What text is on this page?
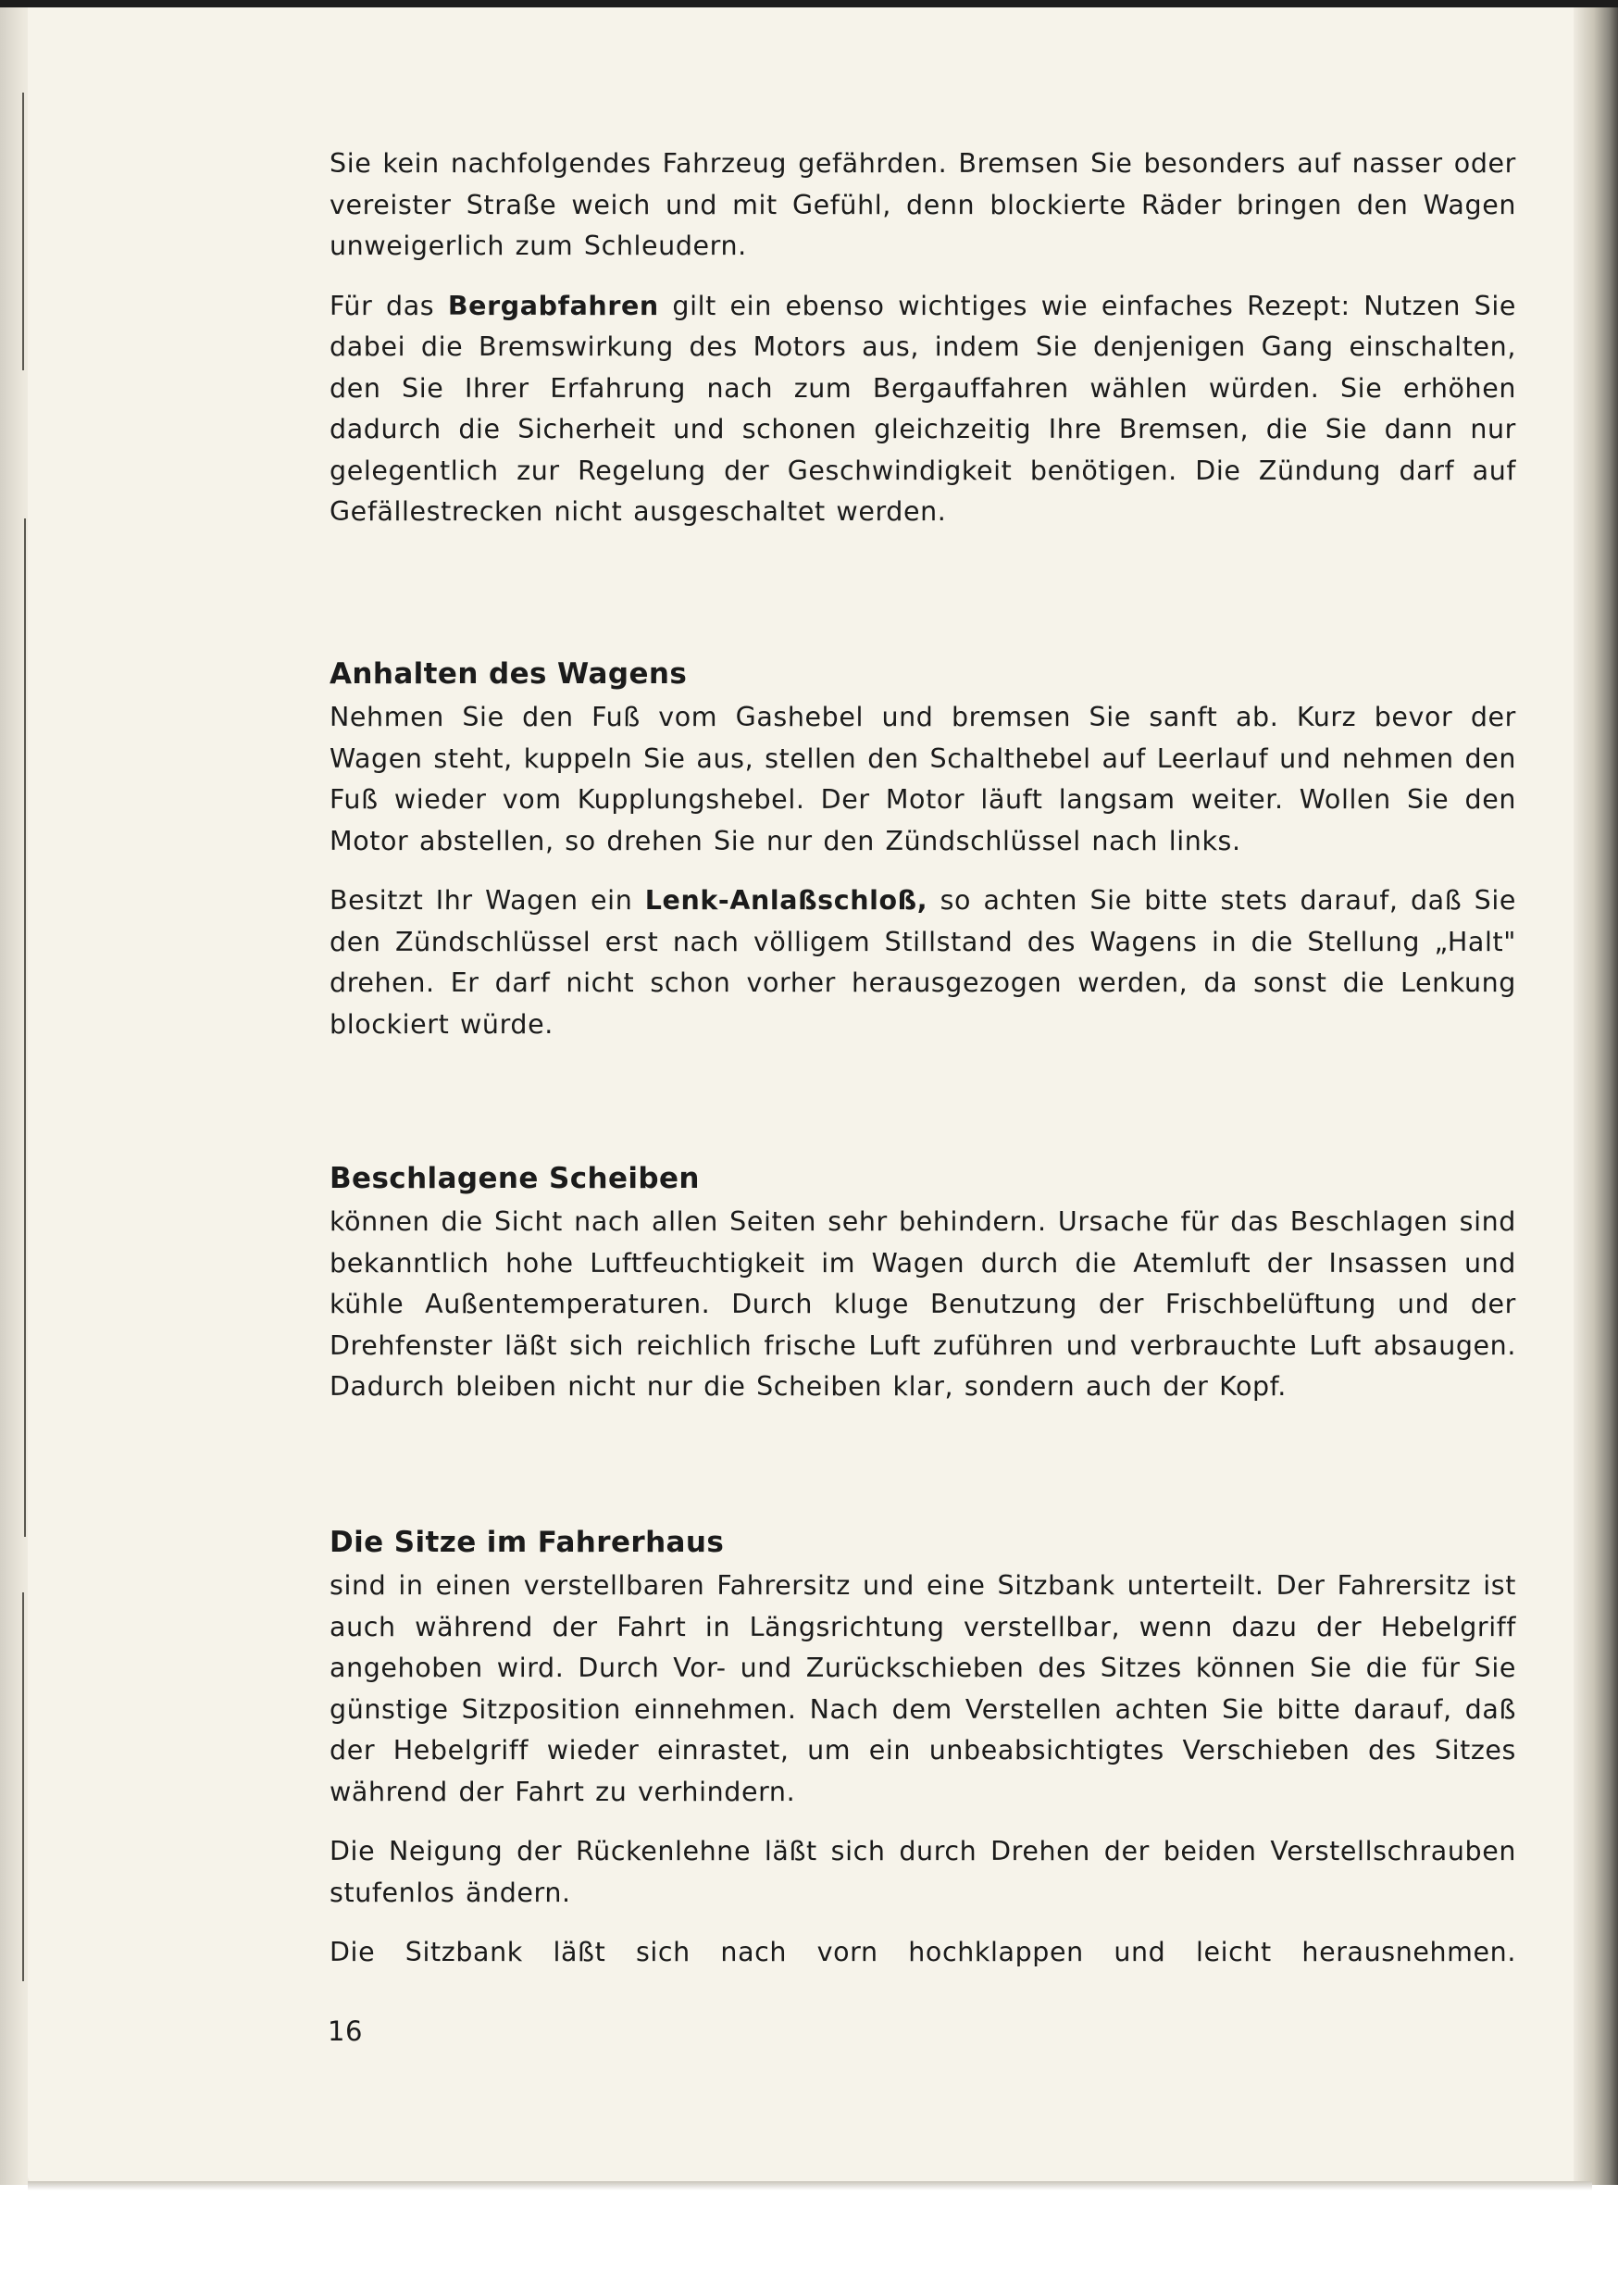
Sie kein nachfolgendes Fahrzeug gefährden. Bremsen Sie besonders auf nasser oder vereister Straße weich und mit Gefühl, denn blockierte Räder bringen den Wagen unweigerlich zum Schleudern.

Für das Bergabfahren gilt ein ebenso wichtiges wie einfaches Rezept: Nutzen Sie dabei die Bremswirkung des Motors aus, indem Sie denjenigen Gang einschalten, den Sie Ihrer Erfahrung nach zum Bergauffahren wählen würden. Sie erhöhen dadurch die Sicherheit und schonen gleichzeitig Ihre Bremsen, die Sie dann nur gelegentlich zur Regelung der Geschwindigkeit benötigen. Die Zündung darf auf Gefällestrecken nicht ausgeschaltet werden.

Anhalten des Wagens

Nehmen Sie den Fuß vom Gashebel und bremsen Sie sanft ab. Kurz bevor der Wagen steht, kuppeln Sie aus, stellen den Schalthebel auf Leerlauf und nehmen den Fuß wieder vom Kupplungshebel. Der Motor läuft langsam weiter. Wollen Sie den Motor abstellen, so drehen Sie nur den Zündschlüssel nach links.

Besitzt Ihr Wagen ein Lenk-Anlaßschloß, so achten Sie bitte stets darauf, daß Sie den Zündschlüssel erst nach völligem Stillstand des Wagens in die Stellung „Halt" drehen. Er darf nicht schon vorher herausgezogen werden, da sonst die Lenkung blockiert würde.

Beschlagene Scheiben

können die Sicht nach allen Seiten sehr behindern. Ursache für das Beschlagen sind bekanntlich hohe Luftfeuchtigkeit im Wagen durch die Atemluft der Insassen und kühle Außentemperaturen. Durch kluge Benutzung der Frischbelüftung und der Drehfenster läßt sich reichlich frische Luft zuführen und verbrauchte Luft absaugen. Dadurch bleiben nicht nur die Scheiben klar, sondern auch der Kopf.

Die Sitze im Fahrerhaus

sind in einen verstellbaren Fahrersitz und eine Sitzbank unterteilt. Der Fahrersitz ist auch während der Fahrt in Längsrichtung verstellbar, wenn dazu der Hebelgriff angehoben wird. Durch Vor- und Zurückschieben des Sitzes können Sie die für Sie günstige Sitzposition einnehmen. Nach dem Verstellen achten Sie bitte darauf, daß der Hebelgriff wieder einrastet, um ein unbeabsichtigtes Verschieben des Sitzes während der Fahrt zu verhindern.

Die Neigung der Rückenlehne läßt sich durch Drehen der beiden Verstellschrauben stufenlos ändern.

Die Sitzbank läßt sich nach vorn hochklappen und leicht herausnehmen.

16
